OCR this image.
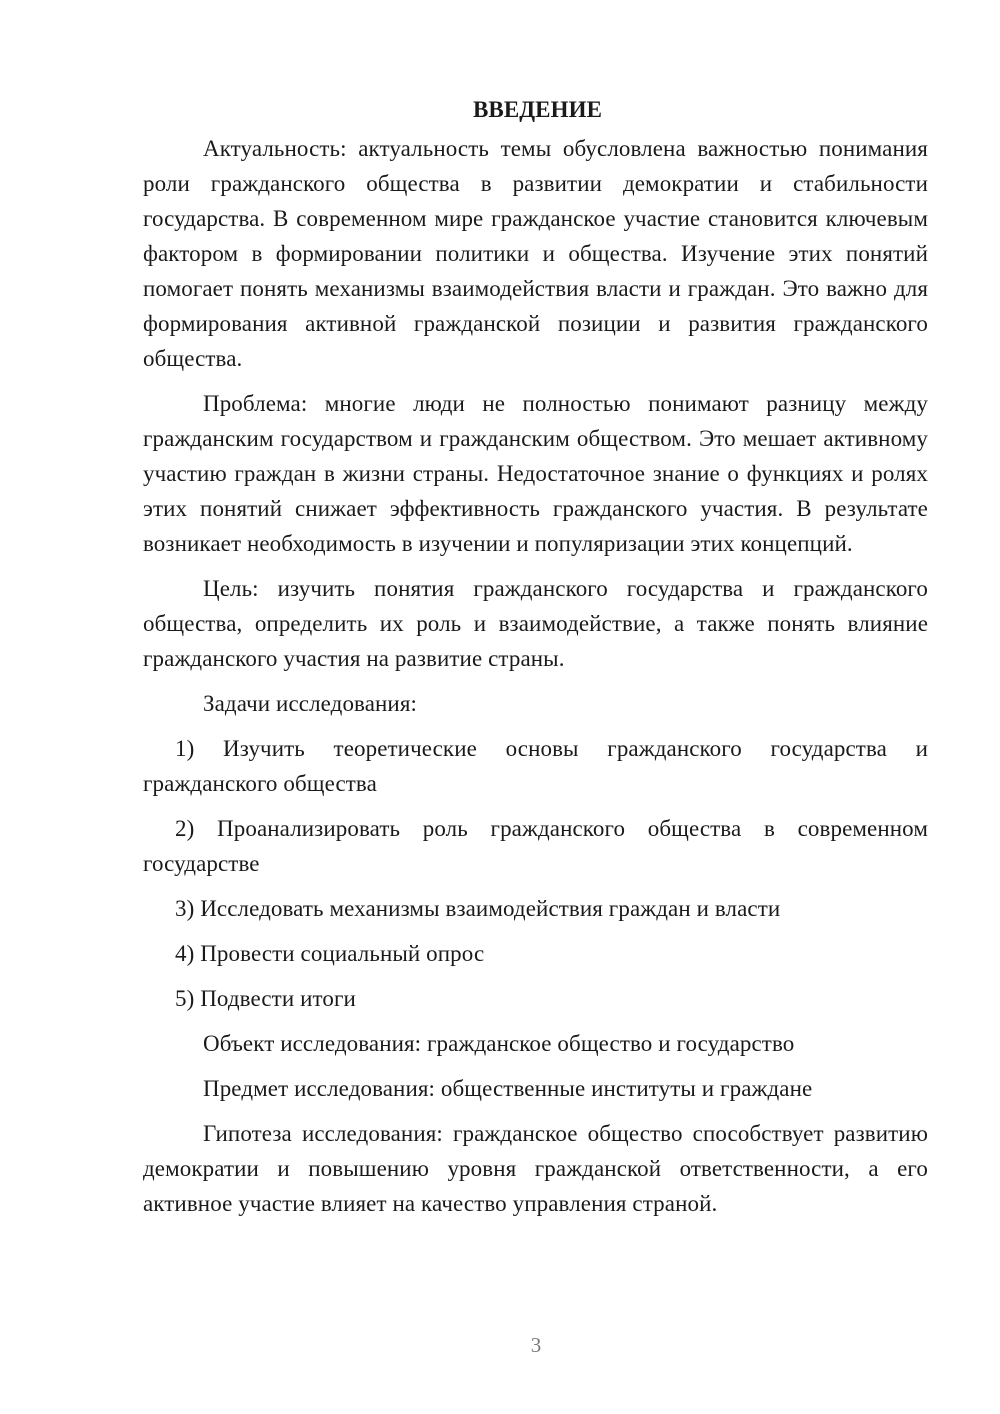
ВВЕДЕНИЕ

Актуальность: актуальность темы обусловлена важностью понимания роли гражданского общества в развитии демократии и стабильности государства. В современном мире гражданское участие становится ключевым фактором в формировании политики и общества. Изучение этих понятий помогает понять механизмы взаимодействия власти и граждан. Это важно для формирования активной гражданской позиции и развития гражданского общества.

Проблема: многие люди не полностью понимают разницу между гражданским государством и гражданским обществом. Это мешает активному участию граждан в жизни страны. Недостаточное знание о функциях и ролях этих понятий снижает эффективность гражданского участия. В результате возникает необходимость в изучении и популяризации этих концепций.

Цель: изучить понятия гражданского государства и гражданского общества, определить их роль и взаимодействие, а также понять влияние гражданского участия на развитие страны.

Задачи исследования:

1) Изучить теоретические основы гражданского государства и гражданского общества

2) Проанализировать роль гражданского общества в современном государстве

3) Исследовать механизмы взаимодействия граждан и власти

4) Провести социальный опрос

5) Подвести итоги

Объект исследования: гражданское общество и государство

Предмет исследования: общественные институты и граждане

Гипотеза исследования: гражданское общество способствует развитию демократии и повышению уровня гражданской ответственности, а его активное участие влияет на качество управления страной.

3
